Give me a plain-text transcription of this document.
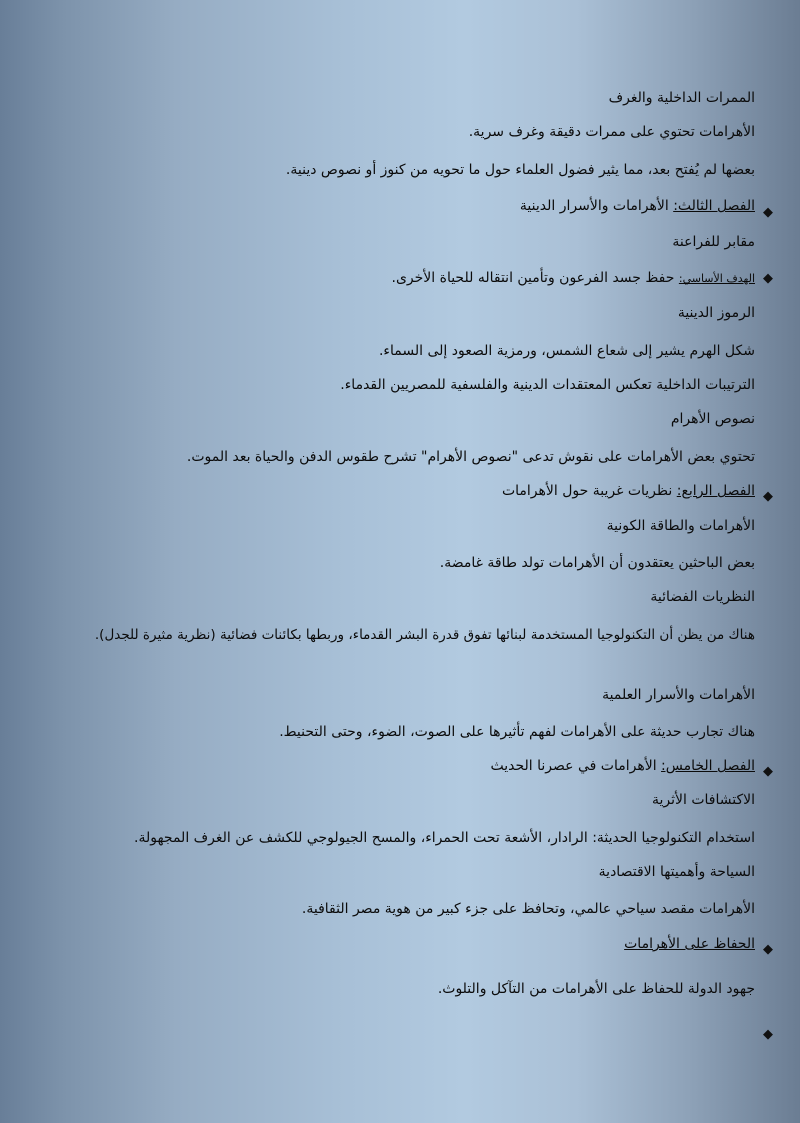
الممرات الداخلية والغرف
الأهرامات تحتوي على ممرات دقيقة وغرف سرية.
بعضها لم يُفتح بعد، مما يثير فضول العلماء حول ما تحويه من كنوز أو نصوص دينية.
◆
الفصل الثالث: الأهرامات والأسرار الدينية
مقابر للفراعنة
◆
الهدف الأساسي: حفظ جسد الفرعون وتأمين انتقاله للحياة الأخرى.
الرموز الدينية
شكل الهرم يشير إلى شعاع الشمس، ورمزية الصعود إلى السماء.
الترتيبات الداخلية تعكس المعتقدات الدينية والفلسفية للمصريين القدماء.
نصوص الأهرام
تحتوي بعض الأهرامات على نقوش تدعى "نصوص الأهرام" تشرح طقوس الدفن والحياة بعد الموت.
◆
الفصل الرابع: نظريات غريبة حول الأهرامات
الأهرامات والطاقة الكونية
بعض الباحثين يعتقدون أن الأهرامات تولد طاقة غامضة.
النظريات الفضائية
هناك من يظن أن التكنولوجيا المستخدمة لبنائها تفوق قدرة البشر القدماء، وربطها بكائنات فضائية (نظرية مثيرة للجدل).
الأهرامات والأسرار العلمية
هناك تجارب حديثة على الأهرامات لفهم تأثيرها على الصوت، الضوء، وحتى التحنيط.
◆
الفصل الخامس: الأهرامات في عصرنا الحديث
الاكتشافات الأثرية
استخدام التكنولوجيا الحديثة: الرادار، الأشعة تحت الحمراء، والمسح الجيولوجي للكشف عن الغرف المجهولة.
السياحة وأهميتها الاقتصادية
الأهرامات مقصد سياحي عالمي، وتحافظ على جزء كبير من هوية مصر الثقافية.
◆
الحفاظ على الأهرامات
جهود الدولة للحفاظ على الأهرامات من التآكل والتلوث.
◆
